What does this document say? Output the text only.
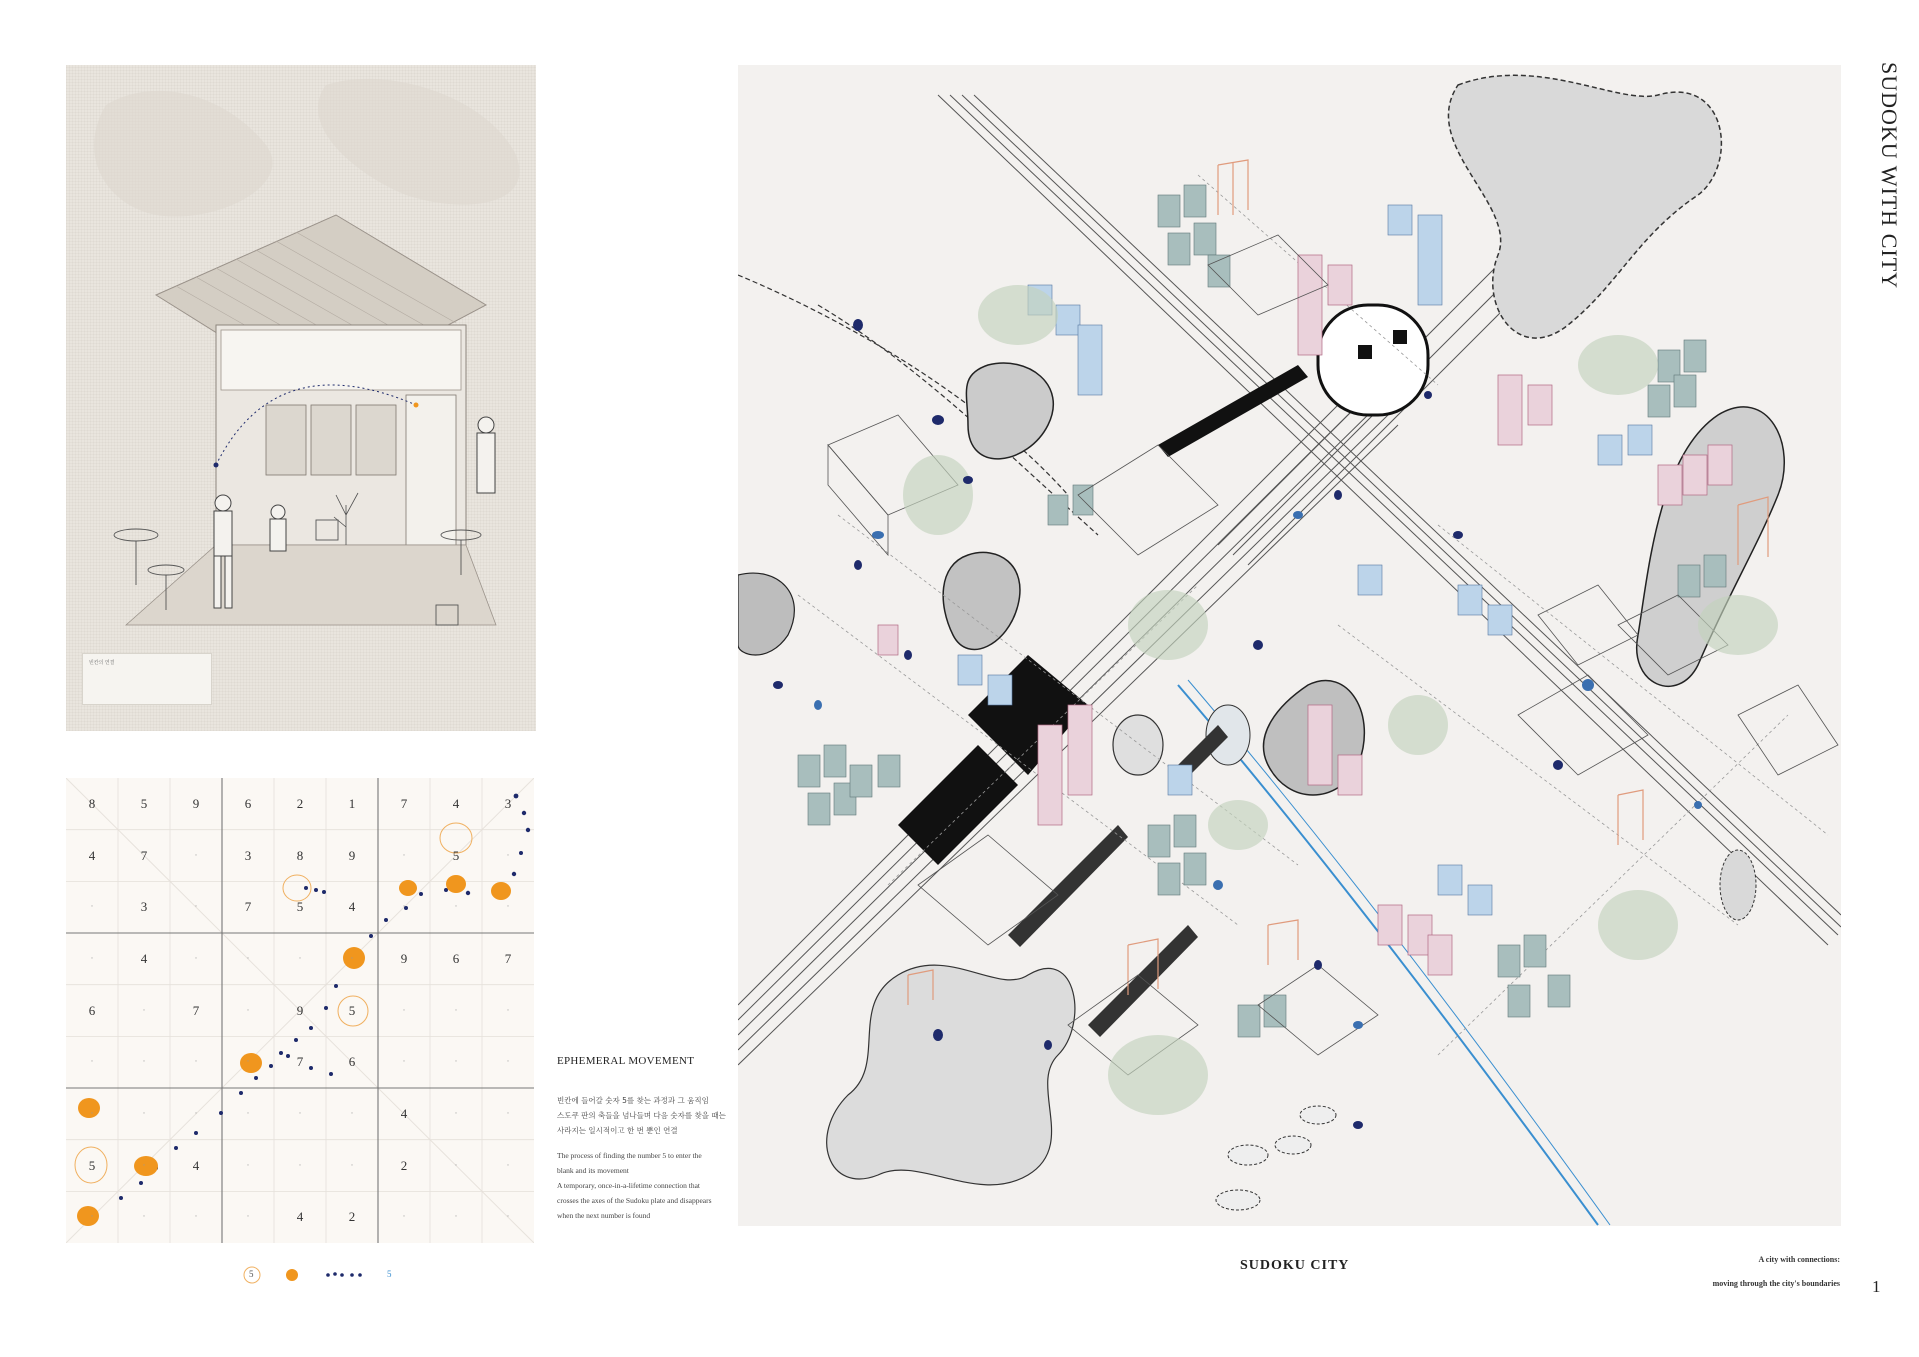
빈칸의 연결
8	5	9	6	2	1	7	4	3
4	7	·	3	8	9	·	5	·
·	3	·	7	5	4	·	·	·
·	4	·	·	·	·	9	6	7
6	·	7	·	9	5	·	·	·
·	·	·	·	7	6	·	·	·
·	·	·	·	·	·	4	·	·
5	·	4	·	·	·	2	·	·
·	·	·	·	4	2	·	·	·
5	5
EPHEMERAL MOVEMENT
빈칸에 들어갈 숫자 5를 찾는 과정과 그 움직임
스도쿠 판의 축들을 넘나들며 다음 숫자를 찾을 때는
사라지는 일시적이고 한 번 뿐인 연결
The process of finding the number 5 to enter the
blank and its movement
A temporary, once-in-a-lifetime connection that
crosses the axes of the Sudoku plate and disappears
when the next number is found
SUDOKU WITH CITY
SUDOKU CITY	A city with connections:
moving through the city's boundaries 1
